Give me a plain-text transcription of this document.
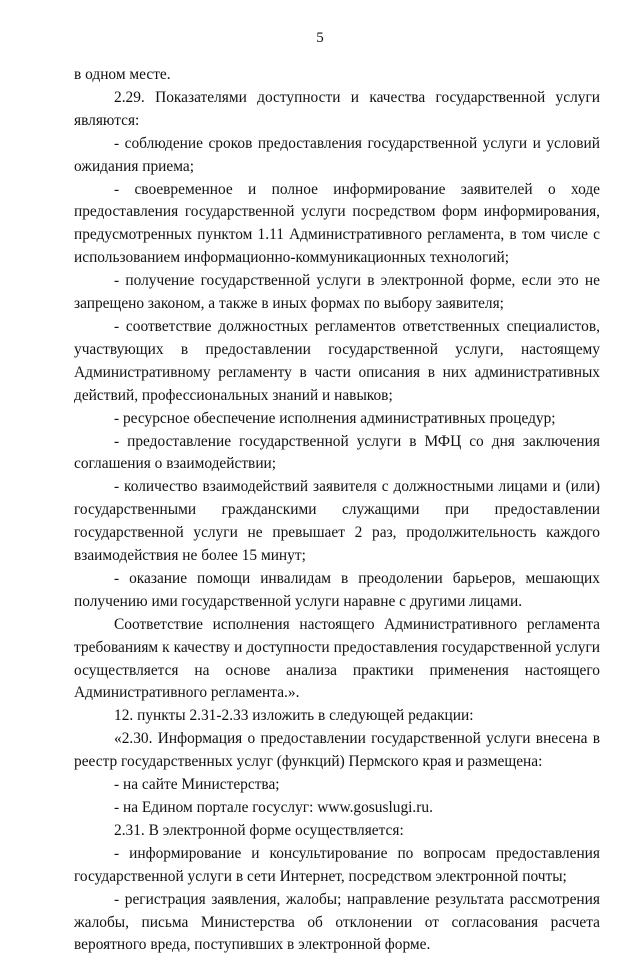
5

в одном месте.

2.29. Показателями доступности и качества государственной услуги являются:

- соблюдение сроков предоставления государственной услуги и условий ожидания приема;

- своевременное и полное информирование заявителей о ходе предоставления государственной услуги посредством форм информирования, предусмотренных пунктом 1.11 Административного регламента, в том числе с использованием информационно-коммуникационных технологий;

- получение государственной услуги в электронной форме, если это не запрещено законом, а также в иных формах по выбору заявителя;

- соответствие должностных регламентов ответственных специалистов, участвующих в предоставлении государственной услуги, настоящему Административному регламенту в части описания в них административных действий, профессиональных знаний и навыков;

- ресурсное обеспечение исполнения административных процедур;

- предоставление государственной услуги в МФЦ со дня заключения соглашения о взаимодействии;

- количество взаимодействий заявителя с должностными лицами и (или) государственными гражданскими служащими при предоставлении государственной услуги не превышает 2 раз, продолжительность каждого взаимодействия не более 15 минут;

- оказание помощи инвалидам в преодолении барьеров, мешающих получению ими государственной услуги наравне с другими лицами.

Соответствие исполнения настоящего Административного регламента требованиям к качеству и доступности предоставления государственной услуги осуществляется на основе анализа практики применения настоящего Административного регламента.».

12. пункты 2.31-2.33 изложить в следующей редакции:

«2.30. Информация о предоставлении государственной услуги внесена в реестр государственных услуг (функций) Пермского края и размещена:

- на сайте Министерства;

- на Едином портале госуслуг: www.gosuslugi.ru.

2.31. В электронной форме осуществляется:

- информирование и консультирование по вопросам предоставления государственной услуги в сети Интернет, посредством электронной почты;

- регистрация заявления, жалобы; направление результата рассмотрения жалобы, письма Министерства об отклонении от согласования расчета вероятного вреда, поступивших в электронной форме.
